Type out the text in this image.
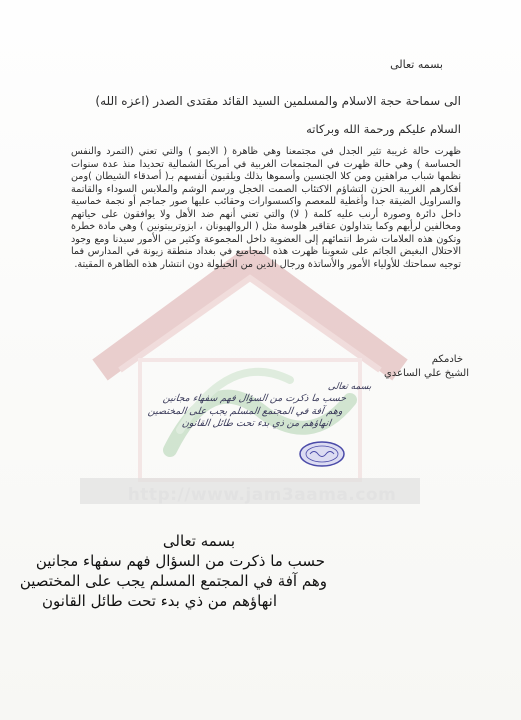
http://www.jam3aama.com
بسمه تعالى
الى سماحة حجة الاسلام والمسلمين السيد القائد مقتدى الصدر (اعزه الله)
السلام عليكم ورحمة الله وبركاته
ظهرت حالة غريبة تثير الجدل في مجتمعنا وهي ظاهرة ( الايمو ) والتي تعني (التمرد والنفس الحساسة ) وهي حالة ظهرت في المجتمعات الغربية في أمريكا الشمالية تحديدا منذ عدة سنوات نظمها شباب مراهقين ومن كلا الجنسين وأسموها بذلك ويلقبون أنفسهم بـ( أصدقاء الشيطان )ومن أفكارهم الغريبة الحزن التشاؤم الاكتئاب الصمت الخجل ورسم الوشم والملابس السوداء والقاتمة والسراويل الضيقة جدا وأغطية للمعصم واكسسوارات وحقائب عليها صور جماجم أو نجمة خماسية داخل دائرة وصورة أرنب عليه كلمة ( لا) والتي تعني أنهم ضد الأهل ولا يوافقون على حياتهم ومخالفين لرأيهم وكما يتداولون عقاقير هلوسة مثل ( الروالهيونان ، ابزوتريبتونين ) وهي مادة خطرة وتكون هذه العلامات شرط انتمائهم إلى العضوية داخل المجموعة وكثير من الأمور سيدنا ومع وجود الاحتلال البغيض الجاثم على شعوبنا ظهرت هذه المجاميع في بغداد منطقة زيونة في المدارس فما توجيه سماحتك للأولياء الأمور والأساتذة ورجال الدين من الحيلولة دون انتشار هذه الظاهرة المقيتة.
خادمكم
الشيخ علي الساعدي
بسمه تعالى
حسب ما ذكرت من السؤال فهم سفهاء مجانين
وهم آفة في المجتمع المسلم يجب على المختصين
انهاؤهم من ذي بدء تحت طائل القانون
بسمه تعالى
حسب ما ذكرت من السؤال فهم سفهاء مجانين
وهم آفة في المجتمع المسلم يجب على المختصين
انهاؤهم من ذي بدء تحت طائل القانون
